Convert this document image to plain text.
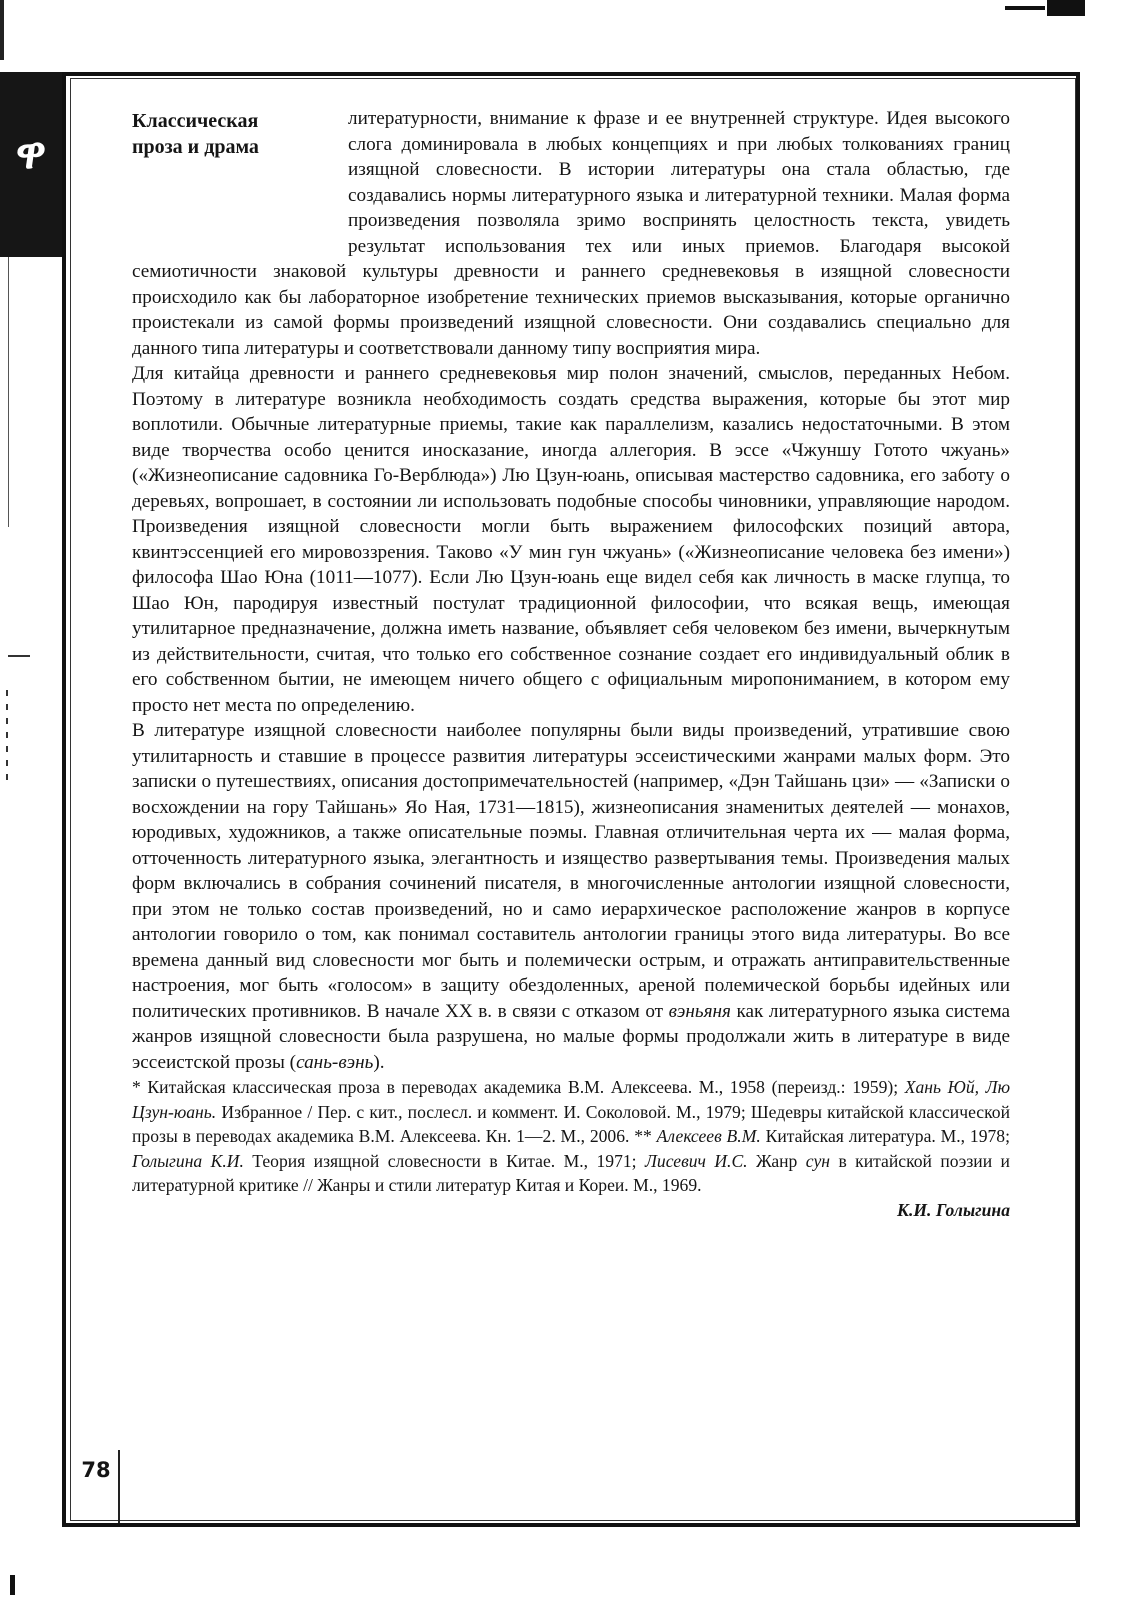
ዋ
Классическая
проза и драма

литературности, внимание к фразе и ее внутренней структуре. Идея высокого слога доминировала в любых концепциях и при любых толкованиях границ изящной словесности. В истории литературы она стала областью, где создавались нормы литературного языка и литературной техники. Малая форма произведения позволяла зримо воспринять целостность текста, увидеть результат использования тех или иных приемов. Благодаря высокой семиотичности знаковой культуры древности и раннего средневековья в изящной словесности происходило как бы лабораторное изобретение технических приемов высказывания, которые органично проистекали из самой формы произведений изящной словесности. Они создавались специально для данного типа литературы и соответствовали данному типу восприятия мира.

Для китайца древности и раннего средневековья мир полон значений, смыслов, переданных Небом. Поэтому в литературе возникла необходимость создать средства выражения, которые бы этот мир воплотили. Обычные литературные приемы, такие как параллелизм, казались недостаточными. В этом виде творчества особо ценится иносказание, иногда аллегория. В эссе «Чжуншу Готото чжуань» («Жизнеописание садовника Го-Верблюда») Лю Цзун-юань, описывая мастерство садовника, его заботу о деревьях, вопрошает, в состоянии ли использовать подобные способы чиновники, управляющие народом. Произведения изящной словесности могли быть выражением философских позиций автора, квинтэссенцией его мировоззрения. Таково «У мин гун чжуань» («Жизнеописание человека без имени») философа Шао Юна (1011—1077). Если Лю Цзун-юань еще видел себя как личность в маске глупца, то Шао Юн, пародируя известный постулат традиционной философии, что всякая вещь, имеющая утилитарное предназначение, должна иметь название, объявляет себя человеком без имени, вычеркнутым из действительности, считая, что только его собственное сознание создает его индивидуальный облик в его собственном бытии, не имеющем ничего общего с официальным миропониманием, в котором ему просто нет места по определению.

В литературе изящной словесности наиболее популярны были виды произведений, утратившие свою утилитарность и ставшие в процессе развития литературы эссеистическими жанрами малых форм. Это записки о путешествиях, описания достопримечательностей (например, «Дэн Тайшань цзи» — «Записки о восхождении на гору Тайшань» Яо Ная, 1731—1815), жизнеописания знаменитых деятелей — монахов, юродивых, художников, а также описательные поэмы. Главная отличительная черта их — малая форма, отточенность литературного языка, элегантность и изящество развертывания темы. Произведения малых форм включались в собрания сочинений писателя, в многочисленные антологии изящной словесности, при этом не только состав произведений, но и само иерархическое расположение жанров в корпусе антологии говорило о том, как понимал составитель антологии границы этого вида литературы. Во все времена данный вид словесности мог быть и полемически острым, и отражать антиправительственные настроения, мог быть «голосом» в защиту обездоленных, ареной полемической борьбы идейных или политических противников. В начале XX в. в связи с отказом от вэньяня как литературного языка система жанров изящной словесности была разрушена, но малые формы продолжали жить в литературе в виде эссеистской прозы (сань-вэнь).

* Китайская классическая проза в переводах академика В.М. Алексеева. М., 1958 (переизд.: 1959); Хань Юй, Лю Цзун-юань. Избранное / Пер. с кит., послесл. и коммент. И. Соколовой. М., 1979; Шедевры китайской классической прозы в переводах академика В.М. Алексеева. Кн. 1—2. М., 2006. ** Алексеев В.М. Китайская литература. М., 1978; Голыгина К.И. Теория изящной словесности в Китае. М., 1971; Лисевич И.С. Жанр сун в китайской поэзии и литературной критике // Жанры и стили литератур Китая и Кореи. М., 1969.

К.И. Голыгина

78
